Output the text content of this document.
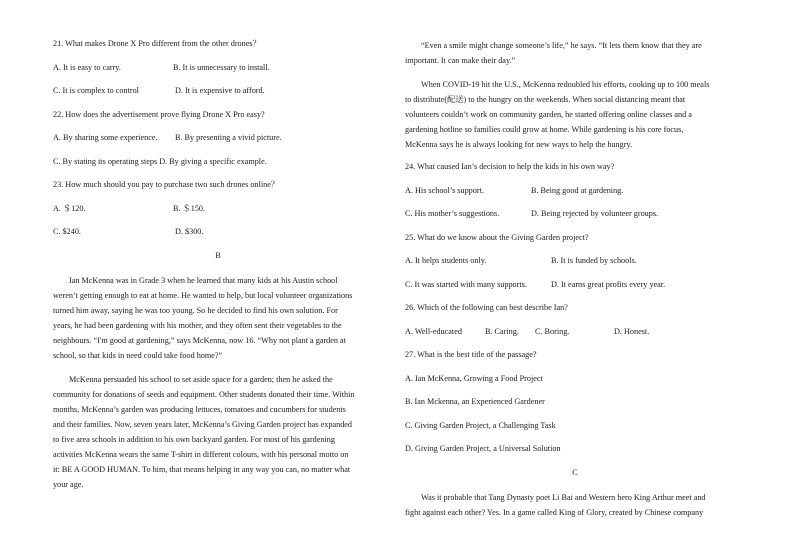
21. What makes Drone X Pro different from the other drones？
A. It is easy to carry.	B. It is unnecessary to install.
C. It is complex to control	D. It is expensive to afford.
22. How does the advertisement prove flying Drone X Pro easy?
A. By sharing some experience.	B. By presenting a vivid picture.
C. By stating its operating steps D. By giving a specific example.
23. How much should you pay to purchase two such drones online？
A. ＄120.	B. ＄150.
C. $240.	D. $300.
B
Ian McKenna was in Grade 3 when he learned that many kids at his Austin school
weren’t getting enough to eat at home. He wanted to help, but local volunteer organizations
turned him away, saying he was too young. So he decided to find his own solution. For
years, he had been gardening with his mother, and they often sent their vegetables to the
neighbours. “I'm good at gardening,” says McKenna, now 16. “Why not plant a garden at
school, so that kids in need could take food home?”
McKenna persuaded his school to set aside space for a garden; then he asked the
community for donations of seeds and equipment. Other students donated their time. Within
months, McKenna’s garden was producing lettuces, tomatoes and cucumbers for students
and their families. Now, seven years later, McKenna’s Giving Garden project has expanded
to five area schools in addition to his own backyard garden. For most of his gardening
activities McKenna wears the same T-shirt in different colours, with his personal motto on
it: BE A GOOD HUMAN. To him, that means helping in any way you can, no matter what
your age.
“Even a smile might change someone’s life,” he says. “It lets them know that they are
important. It can make their day.”
When COVID-19 hit the U.S., McKenna redoubled his efforts, cooking up to 100 meals
to distribute(配送) to the hungry on the weekends. When social distancing meant that
volunteers couldn’t work on community garden, he started offering online classes and a
gardening hotline so families could grow at home. While gardening is his core focus,
McKenna says he is always looking for new ways to help the hungry.
24. What caused Ian’s decision to help the kids in his own way?
A. His school’s support.	B. Being good at gardening.
C. His mother’s suggestions.	D. Being rejected by volunteer groups.
25. What do we know about the Giving Garden project?
A. It helps students only.	B. It is funded by schools.
C. It was started with many supports.	D. It earns great profits every year.
26. Which of the following can best describe Ian?
A. Well-educated	B. Caring.	C. Boring.	D. Honest.
27. What is the best title of the passage?
A. Ian McKenna, Growing a Food Project
B. Ian Mckenna, an Experienced Gardener
C. Giving Garden Project, a Challenging Task
D. Giving Garden Project, a Universal Solution
C
Was it probable that Tang Dynasty poet Li Bai and Western hero King Arthur meet and
fight against each other? Yes. In a game called King of Glory, created by Chinese company
